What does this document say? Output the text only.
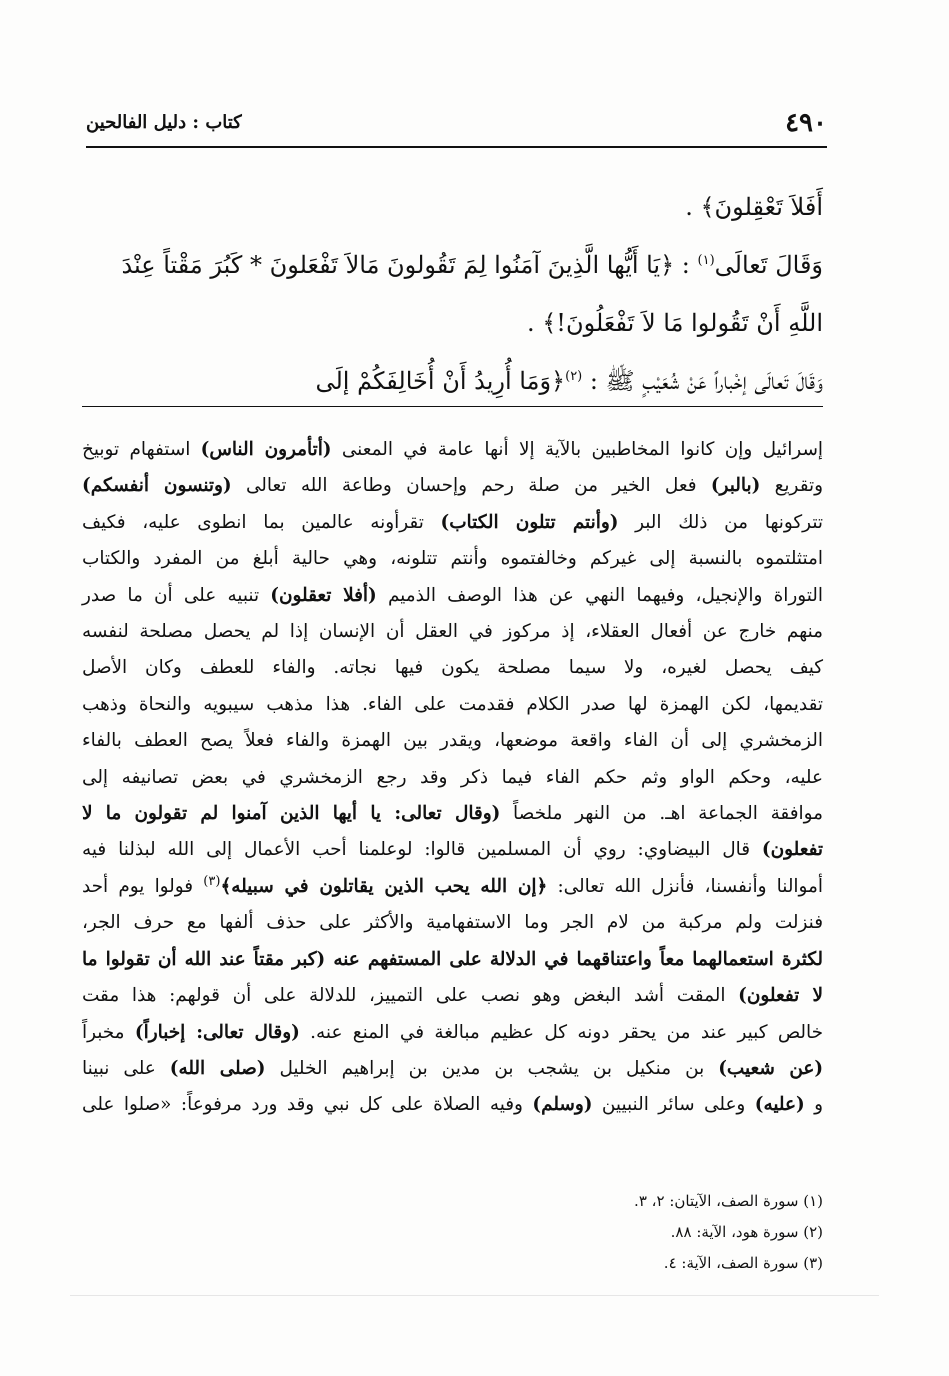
٤٩٠
كتاب : دليل الفالحين

أَفَلاَ تَعْقِلونَ﴾ .

وَقَالَ تَعالَى$^{(١)}$ : ﴿يَا أَيُّها الَّذِينَ آمَنُوا لِمَ تَقُولونَ مَالاَ تَفْعَلونَ * كَبُرَ مَقْتاً عِنْدَ

اللَّهِ أَنْ تَقُولوا مَا لاَ تَفْعَلُونَ!﴾ .

وَقَالَ تَعالَى إخْباراً عَنْ شُعَيْبٍ ﷺ : $^{(٢)}$﴿وَمَا أُرِيدُ أَنْ أُخَالِفَكُمْ إلَى

إسرائيل وإن كانوا المخاطبين بالآية إلا أنها عامة في المعنى (أتأمرون الناس) استفهام توبيخ

وتقريع (بالبر) فعل الخير من صلة رحم وإحسان وطاعة الله تعالى (وتنسون أنفسكم)

تتركونها من ذلك البر (وأنتم تتلون الكتاب) تقرأونه عالمين بما انطوى عليه، فكيف

امتثلتموه بالنسبة إلى غيركم وخالفتموه وأنتم تتلونه، وهي حالية أبلغ من المفرد والكتاب

التوراة والإنجيل، وفيهما النهي عن هذا الوصف الذميم (أفلا تعقلون) تنبيه على أن ما صدر

منهم خارج عن أفعال العقلاء، إذ مركوز في العقل أن الإنسان إذا لم يحصل مصلحة لنفسه

كيف يحصل لغيره، ولا سيما مصلحة يكون فيها نجاته. والفاء للعطف وكان الأصل

تقديمها، لكن الهمزة لها صدر الكلام فقدمت على الفاء. هذا مذهب سيبويه والنحاة وذهب

الزمخشري إلى أن الفاء واقعة موضعها، ويقدر بين الهمزة والفاء فعلاً يصح العطف بالفاء

عليه، وحكم الواو وثم حكم الفاء فيما ذكر وقد رجع الزمخشري في بعض تصانيفه إلى

موافقة الجماعة اهـ. من النهر ملخصاً (وقال تعالى: يا أيها الذين آمنوا لم تقولون ما لا

تفعلون) قال البيضاوي: روي أن المسلمين قالوا: لوعلمنا أحب الأعمال إلى الله لبذلنا فيه

أموالنا وأنفسنا، فأنزل الله تعالى: ﴿إن الله يحب الذين يقاتلون في سبيله﴾$^{(٣)}$ فولوا يوم أحد

فنزلت ولم مركبة من لام الجر وما الاستفهامية والأكثر على حذف ألفها مع حرف الجر،

لكثرة استعمالهما معاً واعتناقهما في الدلالة على المستفهم عنه (كبر مقتاً عند الله أن تقولوا ما

لا تفعلون) المقت أشد البغض وهو نصب على التمييز، للدلالة على أن قولهم: هذا مقت

خالص كبير عند من يحقر دونه كل عظيم مبالغة في المنع عنه. (وقال تعالى: إخباراً) مخبراً

(عن شعيب) بن منكيل بن يشجب بن مدين بن إبراهيم الخليل (صلى الله) على نبينا

و (عليه) وعلى سائر النبيين (وسلم) وفيه الصلاة على كل نبي وقد ورد مرفوعاً: «صلوا على

(١) سورة الصف، الآيتان: ٢، ٣.
(٢) سورة هود، الآية: ٨٨.
(٣) سورة الصف، الآية: ٤.
